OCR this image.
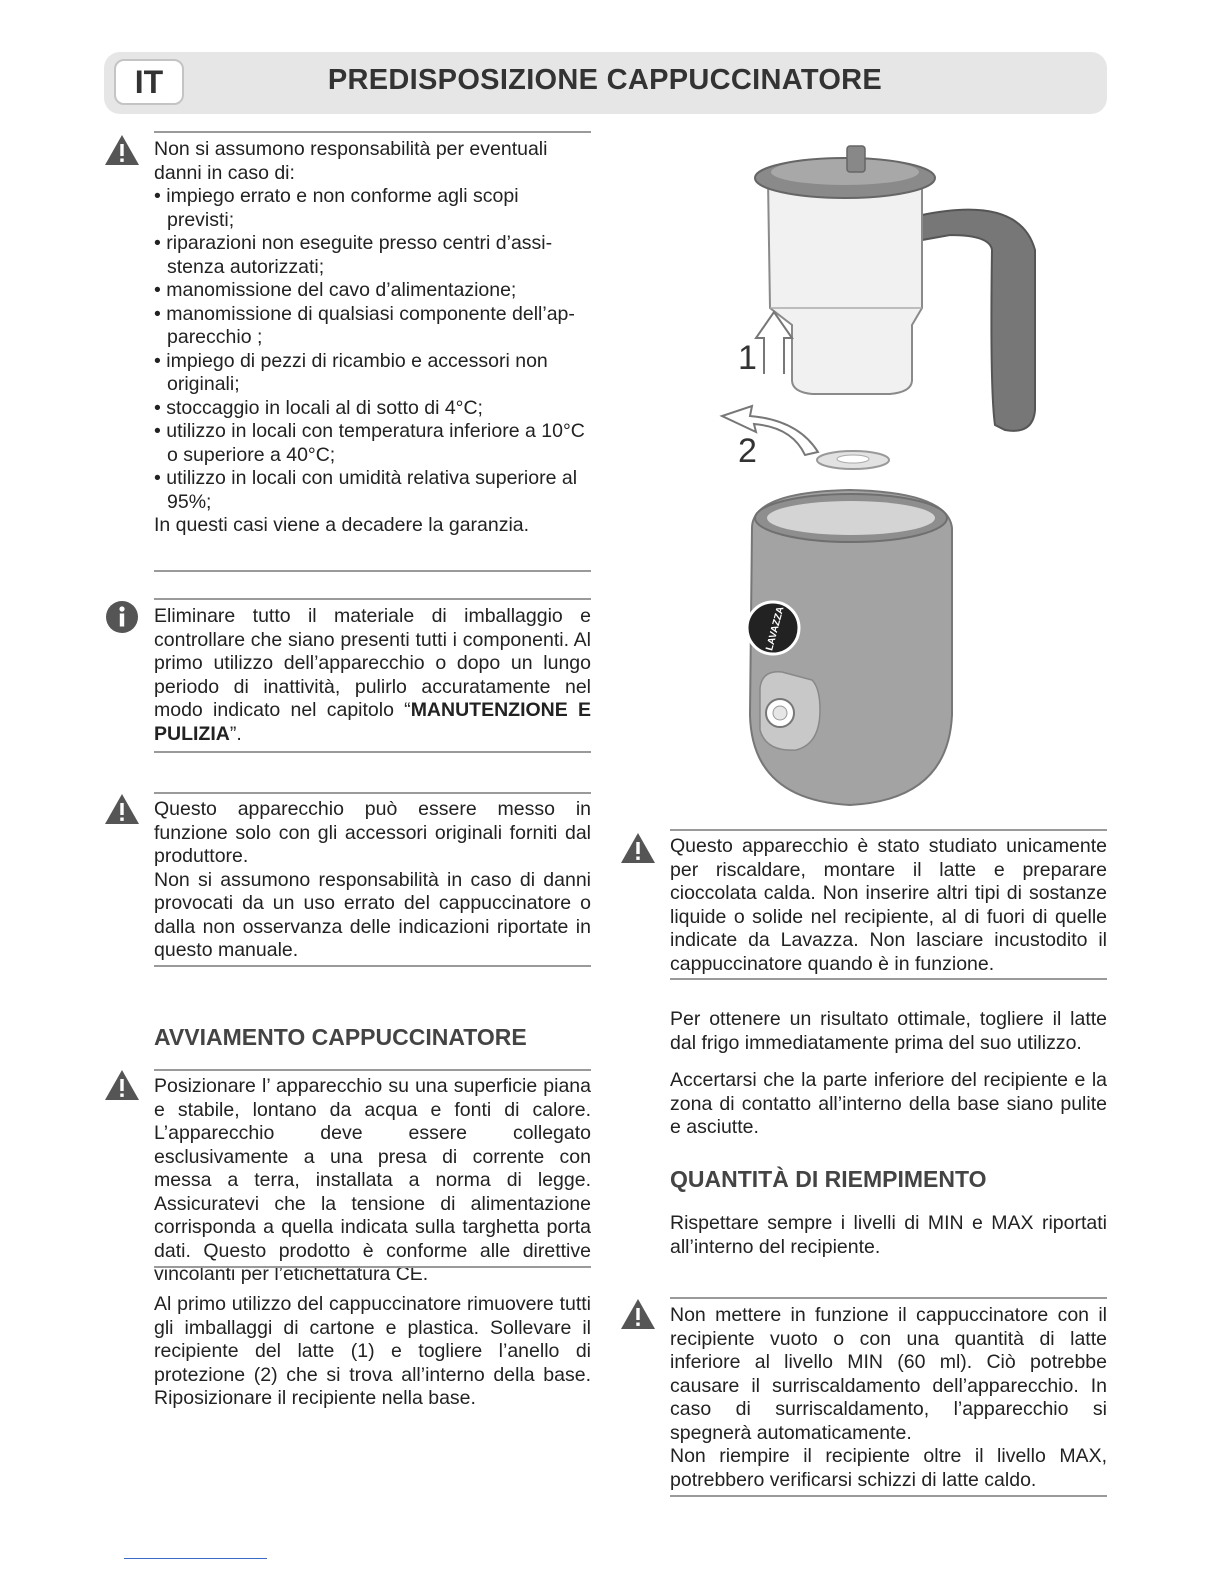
IT	PREDISPOSIZIONE CAPPUCCINATORE
Non si assumono responsabilità per eventuali danni in caso di:
• impiego errato e non conforme agli scopi previsti;
• riparazioni non eseguite presso centri d’assi-stenza autorizzati;
• manomissione del cavo d’alimentazione;
• manomissione di qualsiasi componente dell’ap-parecchio ;
• impiego di pezzi di ricambio e accessori non originali;
• stoccaggio in locali al di sotto di 4°C;
• utilizzo in locali con temperatura inferiore a 10°C o superiore a 40°C;
• utilizzo in locali con umidità relativa superiore al 95%;
In questi casi viene a decadere la garanzia.
Eliminare tutto il materiale di imballaggio e controllare che siano presenti tutti i componenti. Al primo utilizzo dell’apparecchio o dopo un lungo periodo di inattività, pulirlo accuratamente nel modo indicato nel capitolo “MANUTENZIONE E PULIZIA”.
Questo apparecchio può essere messo in funzione solo con gli accessori originali forniti dal produttore.
Non si assumono responsabilità in caso di danni provocati da un uso errato del cappuccinatore o dalla non osservanza delle indicazioni riportate in questo manuale.
AVVIAMENTO CAPPUCCINATORE
Posizionare l’ apparecchio su una superficie piana e stabile, lontano da acqua e fonti di calore. L’apparecchio deve essere collegato esclusivamente a una presa di corrente con messa a terra, installata a norma di legge. Assicuratevi che la tensione di alimentazione corrisponda a quella indicata sulla targhetta porta dati. Questo prodotto è conforme alle direttive vincolanti per l’etichettatura CE.
Al primo utilizzo del cappuccinatore rimuovere tutti gli imballaggi di cartone e plastica. Sollevare il recipiente del latte (1) e togliere l’anello di protezione (2) che si trova all’interno della base. Riposizionare il recipiente nella base.
1
2
LAVAZZA
Questo apparecchio è stato studiato unicamente per riscaldare, montare il latte e preparare cioccolata calda. Non inserire altri tipi di sostanze liquide o solide nel recipiente, al di fuori di quelle indicate da Lavazza. Non lasciare incustodito il cappuccinatore quando è in funzione.
Per ottenere un risultato ottimale, togliere il latte dal frigo immediatamente prima del suo utilizzo.
Accertarsi che la parte inferiore del recipiente e la zona di contatto all’interno della base siano pulite e asciutte.
QUANTITÀ DI RIEMPIMENTO
Rispettare sempre i livelli di MIN e MAX riportati all’interno del recipiente.
Non mettere in funzione il cappuccinatore con il recipiente vuoto o con una quantità di latte inferiore al livello MIN (60 ml). Ciò potrebbe causare il surriscaldamento dell’apparecchio. In caso di surriscaldamento, l’apparecchio si spegnerà automaticamente.
Non riempire il recipiente oltre il livello MAX, potrebbero verificarsi schizzi di latte caldo.
